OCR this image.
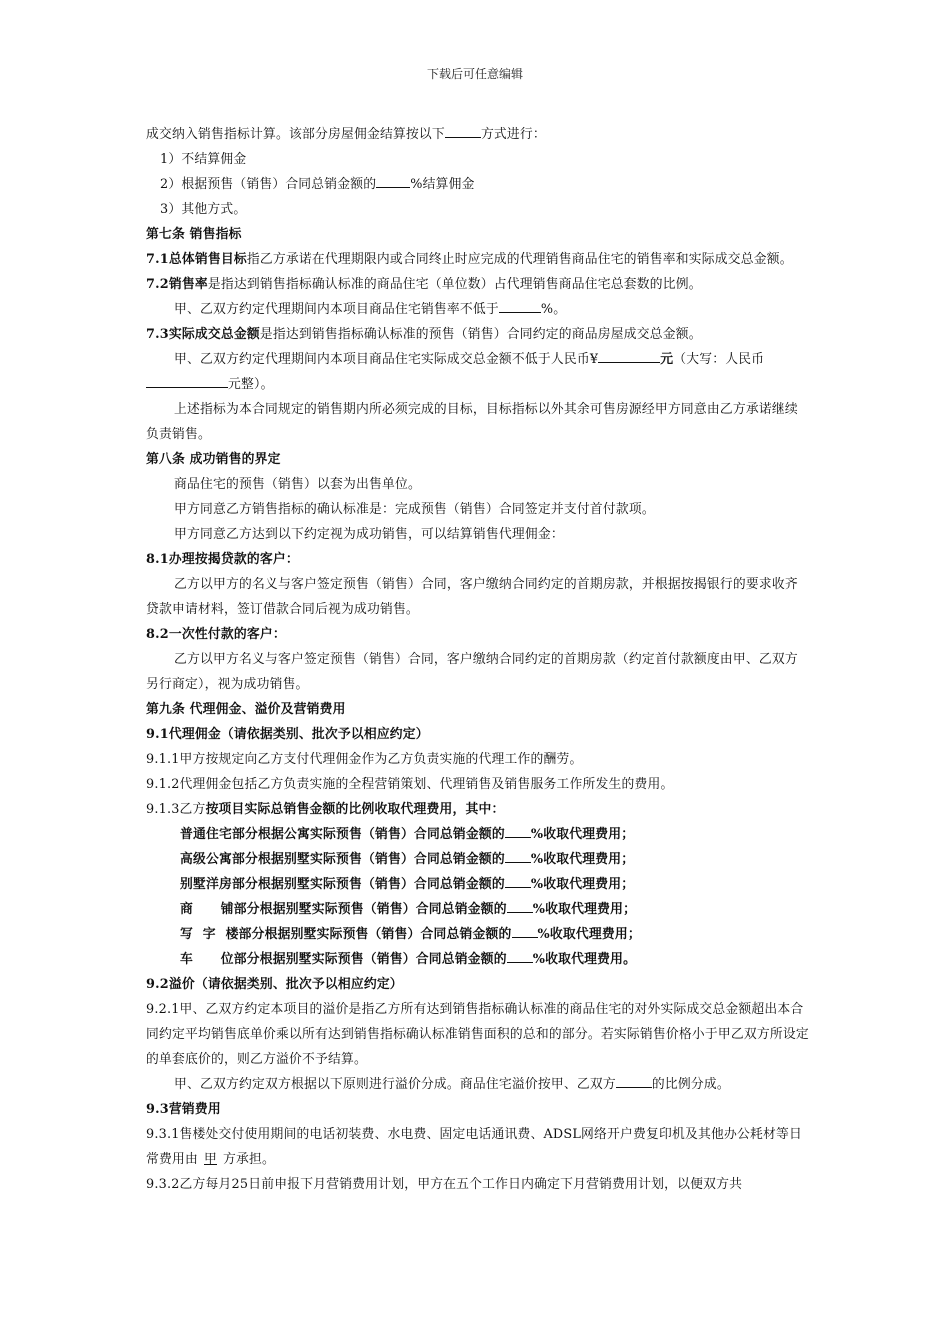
下载后可任意编辑

成交纳入销售指标计算。该部分房屋佣金结算按以下	方式进行：

1）不结算佣金

2）根据预售（销售）合同总销金额的	%结算佣金

3）其他方式。

第七条 销售指标

7.1总体销售目标指乙方承诺在代理期限内或合同终止时应完成的代理销售商品住宅的销售率和实际成交总金额。

7.2销售率是指达到销售指标确认标准的商品住宅（单位数）占代理销售商品住宅总套数的比例。

甲、乙双方约定代理期间内本项目商品住宅销售率不低于	%。

7.3实际成交总金额是指达到销售指标确认标准的预售（销售）合同约定的商品房屋成交总金额。

甲、乙双方约定代理期间内本项目商品住宅实际成交总金额不低于人民币¥	元（大写：人民币元整）。

上述指标为本合同规定的销售期内所必须完成的目标，目标指标以外其余可售房源经甲方同意由乙方承诺继续负责销售。

第八条 成功销售的界定

商品住宅的预售（销售）以套为出售单位。

甲方同意乙方销售指标的确认标准是：完成预售（销售）合同签定并支付首付款项。

甲方同意乙方达到以下约定视为成功销售，可以结算销售代理佣金：

8.1办理按揭贷款的客户：

乙方以甲方的名义与客户签定预售（销售）合同，客户缴纳合同约定的首期房款，并根据按揭银行的要求收齐贷款申请材料，签订借款合同后视为成功销售。

8.2一次性付款的客户：

乙方以甲方名义与客户签定预售（销售）合同，客户缴纳合同约定的首期房款（约定首付款额度由甲、乙双方另行商定），视为成功销售。

第九条 代理佣金、溢价及营销费用

9.1代理佣金（请依据类别、批次予以相应约定）

9.1.1甲方按规定向乙方支付代理佣金作为乙方负责实施的代理工作的酬劳。

9.1.2代理佣金包括乙方负责实施的全程营销策划、代理销售及销售服务工作所发生的费用。

9.1.3乙方按项目实际总销售金额的比例收取代理费用，其中：

普通住宅部分根据公寓实际预售（销售）合同总销金额的 %收取代理费用；

高级公寓部分根据别墅实际预售（销售）合同总销金额的 %收取代理费用；

别墅洋房部分根据别墅实际预售（销售）合同总销金额的 %收取代理费用；

商 铺部分根据别墅实际预售（销售）合同总销金额的 %收取代理费用；

写字楼部分根据别墅实际预售（销售）合同总销金额的 %收取代理费用；

车 位部分根据别墅实际预售（销售）合同总销金额的 %收取代理费用。

9.2溢价（请依据类别、批次予以相应约定）

9.2.1甲、乙双方约定本项目的溢价是指乙方所有达到销售指标确认标准的商品住宅的对外实际成交总金额超出本合同约定平均销售底单价乘以所有达到销售指标确认标准销售面积的总和的部分。若实际销售价格小于甲乙双方所设定的单套底价的，则乙方溢价不予结算。

甲、乙双方约定双方根据以下原则进行溢价分成。商品住宅溢价按甲、乙双方	的比例分成。

9.3营销费用

9.3.1售楼处交付使用期间的电话初装费、水电费、固定电话通讯费、ADSL网络开户费复印机及其他办公耗材等日常费用由 甲 方承担。

9.3.2乙方每月25日前申报下月营销费用计划，甲方在五个工作日内确定下月营销费用计划，以便双方共
